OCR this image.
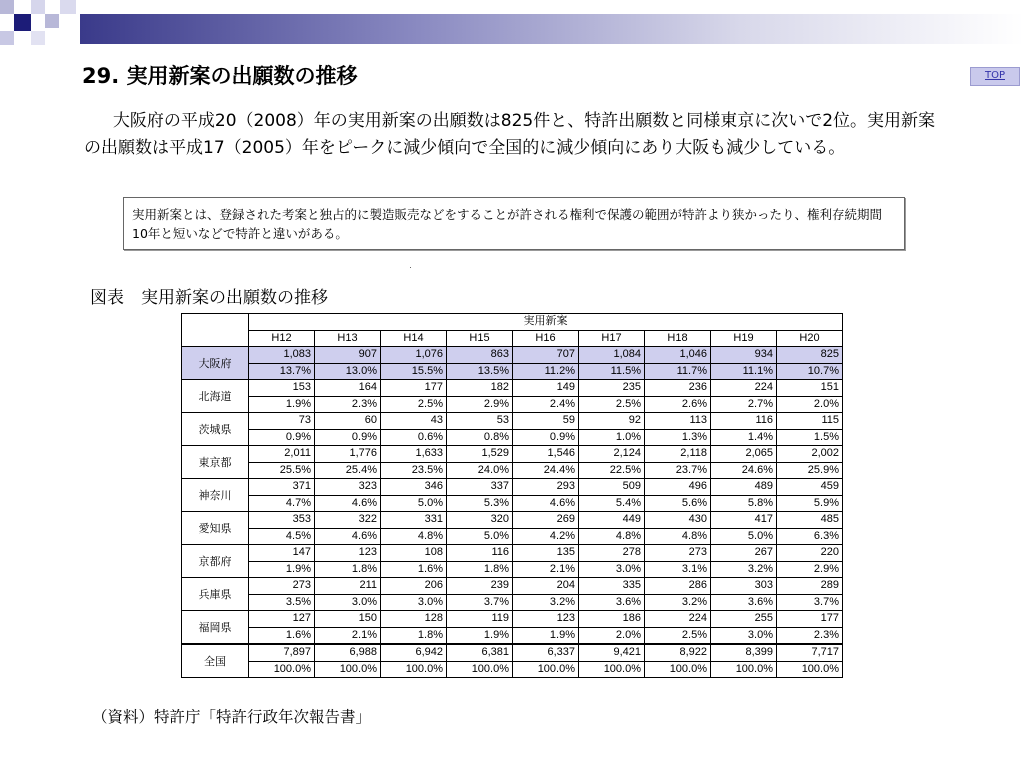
29. 実用新案の出願数の推移	TOP

大阪府の平成20（2008）年の実用新案の出願数は825件と、特許出願数と同様東京に次いで2位。実用新案の出願数は平成17（2005）年をピークに減少傾向で全国的に減少傾向にあり大阪も減少している。

実用新案とは、登録された考案と独占的に製造販売などをすることが許される権利で保護の範囲が特許より狭かったり、権利存続期間10年と短いなどで特許と違いがある。
図表　実用新案の出願数の推移
	実用新案								
	H12	H13	H14	H15	H16	H17	H18	H19	H20
大阪府	1,083	907	1,076	863	707	1,084	1,046	934	825
	13.7%	13.0%	15.5%	13.5%	11.2%	11.5%	11.7%	11.1%	10.7%
北海道	153	164	177	182	149	235	236	224	151
	1.9%	2.3%	2.5%	2.9%	2.4%	2.5%	2.6%	2.7%	2.0%
茨城県	73	60	43	53	59	92	113	116	115
	0.9%	0.9%	0.6%	0.8%	0.9%	1.0%	1.3%	1.4%	1.5%
東京都	2,011	1,776	1,633	1,529	1,546	2,124	2,118	2,065	2,002
	25.5%	25.4%	23.5%	24.0%	24.4%	22.5%	23.7%	24.6%	25.9%
神奈川	371	323	346	337	293	509	496	489	459
	4.7%	4.6%	5.0%	5.3%	4.6%	5.4%	5.6%	5.8%	5.9%
愛知県	353	322	331	320	269	449	430	417	485
	4.5%	4.6%	4.8%	5.0%	4.2%	4.8%	4.8%	5.0%	6.3%
京都府	147	123	108	116	135	278	273	267	220
	1.9%	1.8%	1.6%	1.8%	2.1%	3.0%	3.1%	3.2%	2.9%
兵庫県	273	211	206	239	204	335	286	303	289
	3.5%	3.0%	3.0%	3.7%	3.2%	3.6%	3.2%	3.6%	3.7%
福岡県	127	150	128	119	123	186	224	255	177
	1.6%	2.1%	1.8%	1.9%	1.9%	2.0%	2.5%	3.0%	2.3%
全国	7,897	6,988	6,942	6,381	6,337	9,421	8,922	8,399	7,717
	100.0%	100.0%	100.0%	100.0%	100.0%	100.0%	100.0%	100.0%	100.0%
（資料）特許庁「特許行政年次報告書」
